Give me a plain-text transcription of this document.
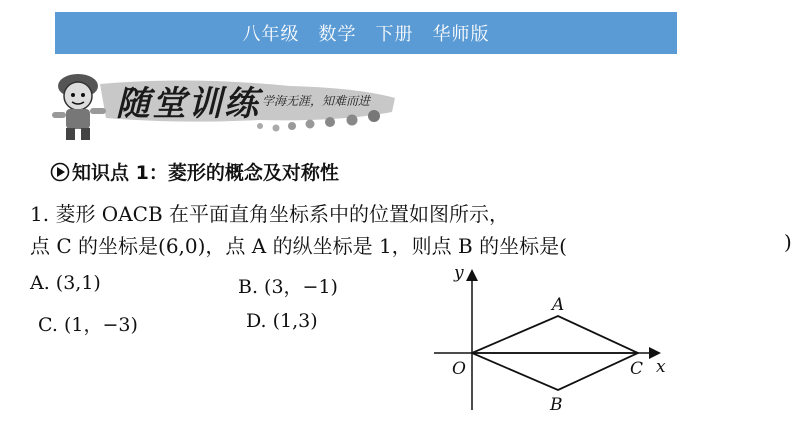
八年级　数学　下册　华师版
随堂训练 学海无涯，知难而进
知识点 1：菱形的概念及对称性
1. 菱形 OACB 在平面直角坐标系中的位置如图所示，
点 C 的坐标是(6,0)，点 A 的纵坐标是 1，则点 B 的坐标是(	)
A. (3,1)	B. (3，−1)
C. (1，−3)	D. (1,3)
y
x
O
A
C
B
